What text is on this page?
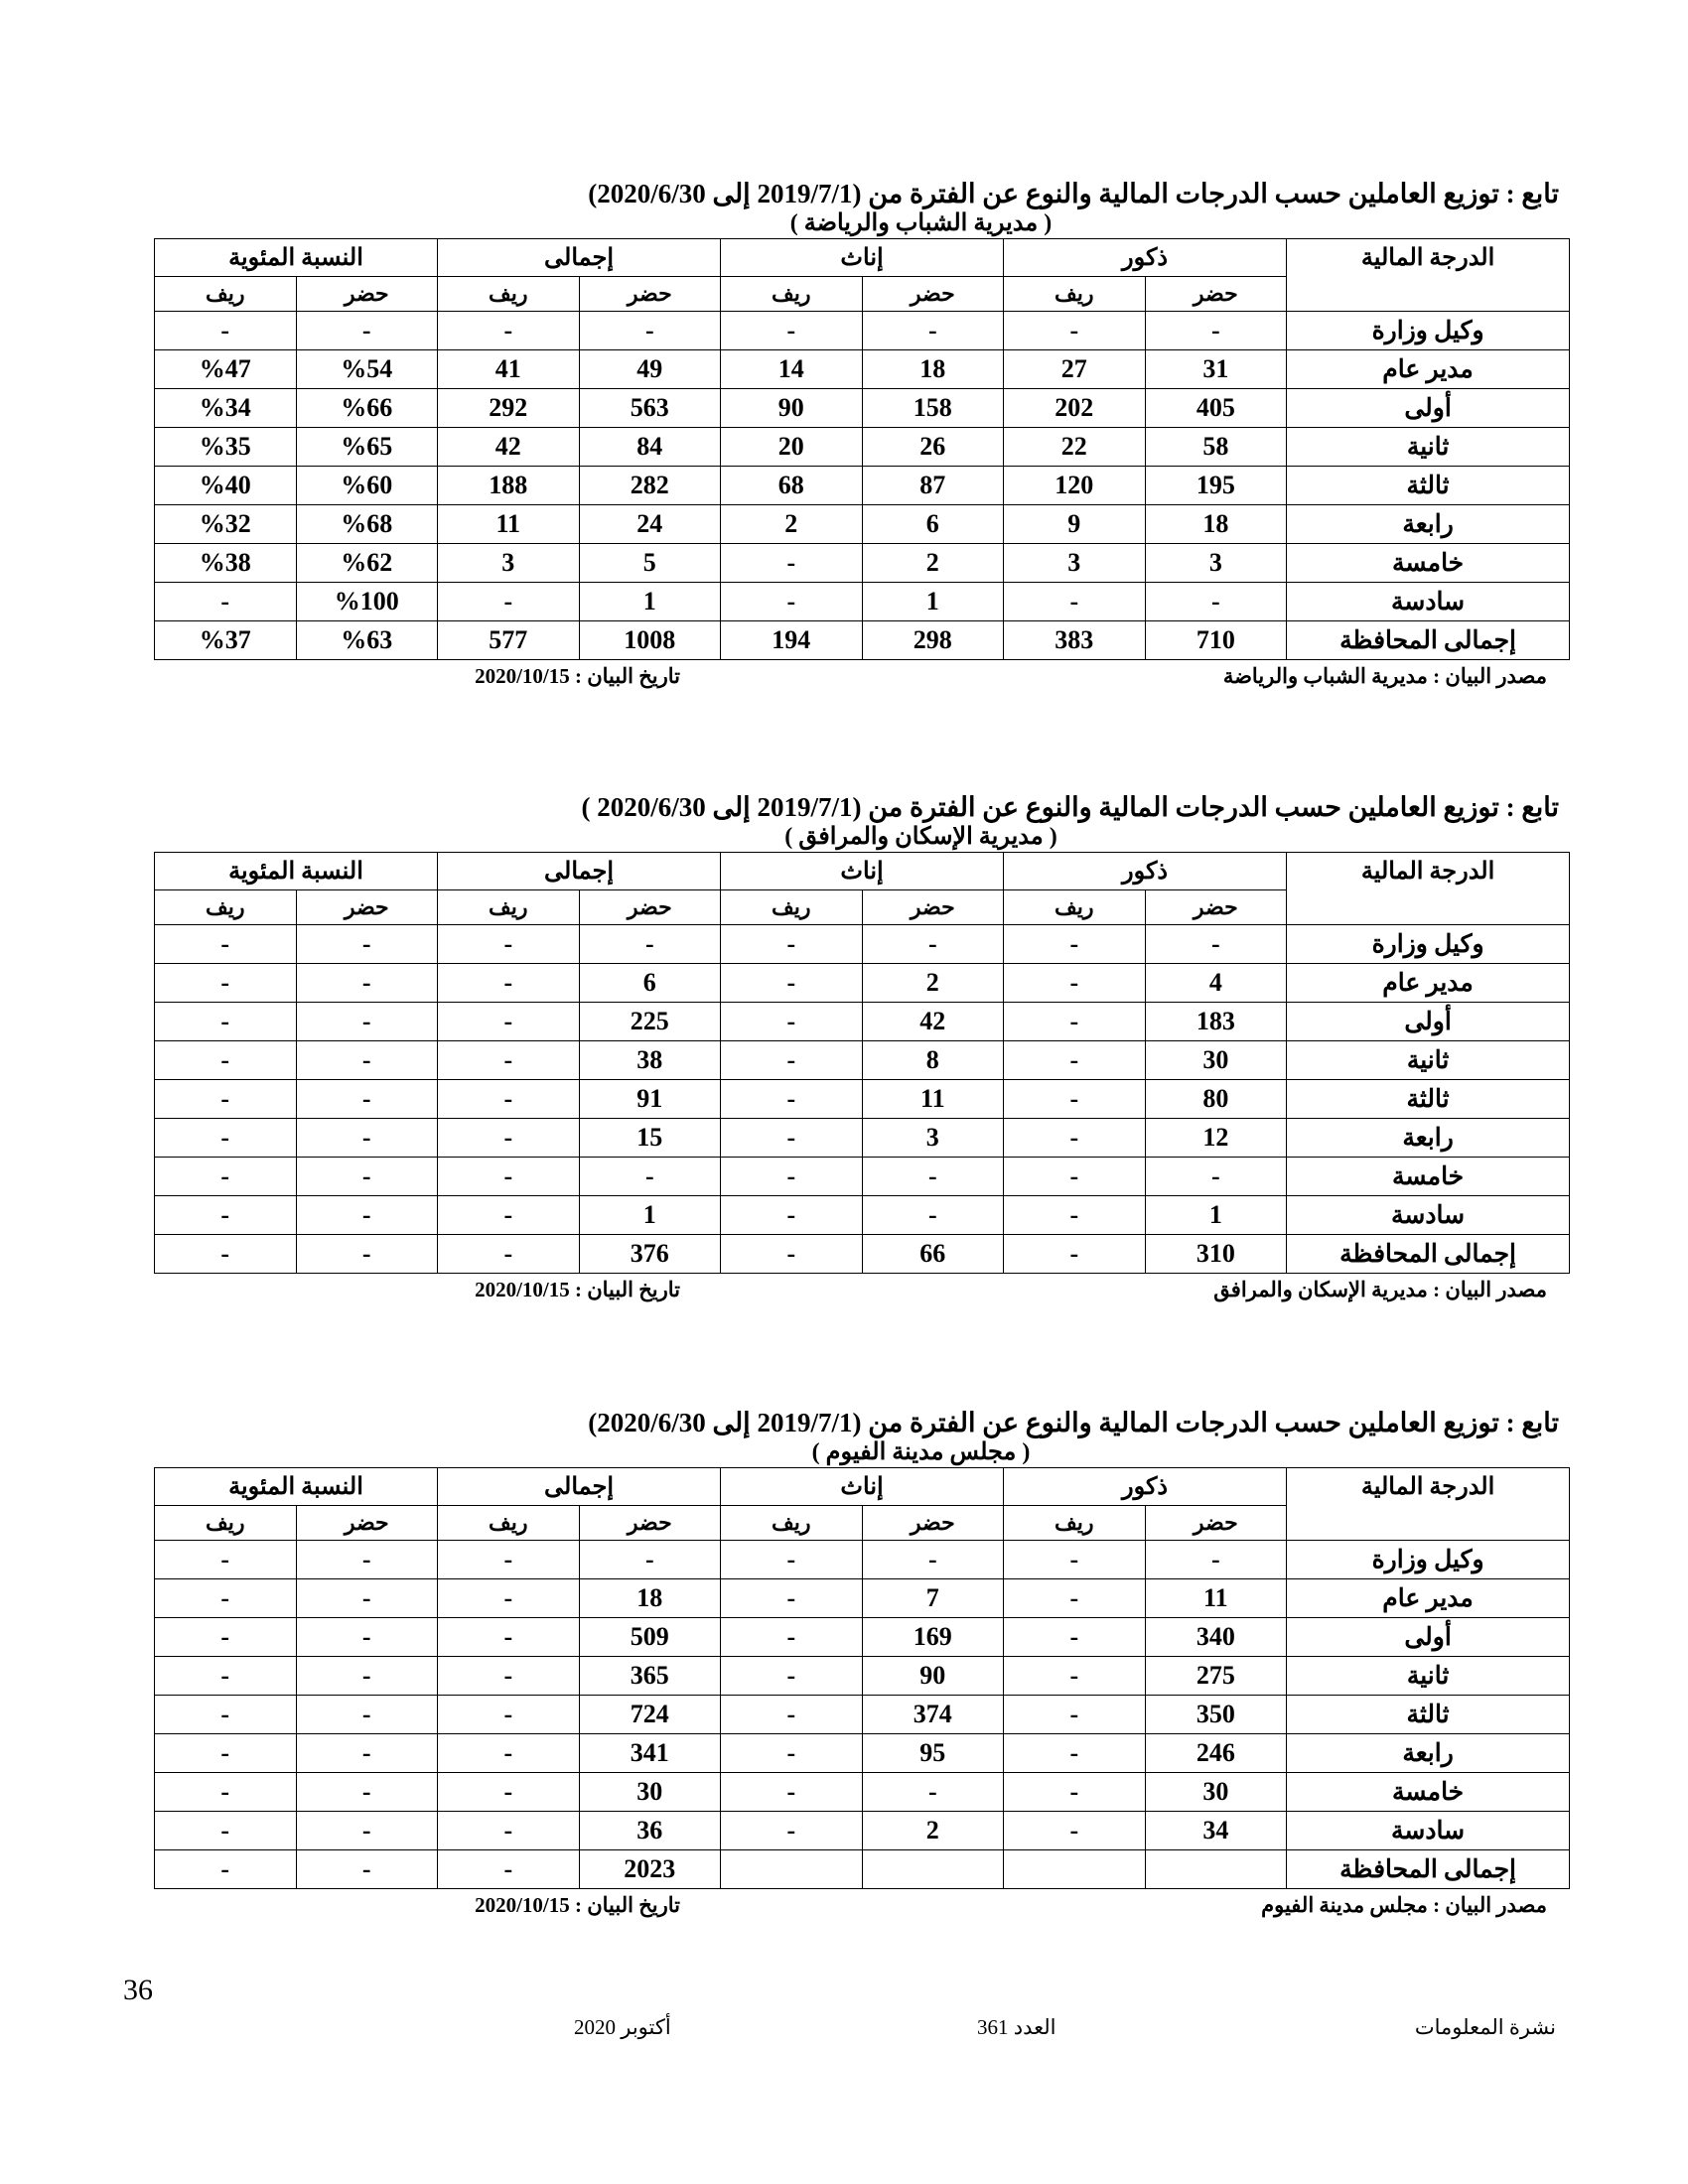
تابع : توزيع العاملين حسب الدرجات المالية والنوع عن الفترة من (2019/7/1 إلى 2020/6/30)
( مديرية الشباب والرياضة )
الدرجة المالية	ذكور		إناث		إجمالى		النسبة المئوية	
	حضر	ريف	حضر	ريف	حضر	ريف	حضر	ريف
وكيل وزارة	-	-	-	-	-	-	-	-
مدير عام	31	27	18	14	49	41	%54	%47
أولى	405	202	158	90	563	292	%66	%34
ثانية	58	22	26	20	84	42	%65	%35
ثالثة	195	120	87	68	282	188	%60	%40
رابعة	18	9	6	2	24	11	%68	%32
خامسة	3	3	2	-	5	3	%62	%38
سادسة	-	-	1	-	1	-	%100	-
إجمالى المحافظة	710	383	298	194	1008	577	%63	%37
مصدر البيان : مديرية الشباب والرياضة
تاريخ البيان : 2020/10/15
تابع : توزيع العاملين حسب الدرجات المالية والنوع عن الفترة من (2019/7/1 إلى 2020/6/30 )
( مديرية الإسكان والمرافق )
الدرجة المالية	ذكور		إناث		إجمالى		النسبة المئوية	
	حضر	ريف	حضر	ريف	حضر	ريف	حضر	ريف
وكيل وزارة	-	-	-	-	-	-	-	-
مدير عام	4	-	2	-	6	-	-	-
أولى	183	-	42	-	225	-	-	-
ثانية	30	-	8	-	38	-	-	-
ثالثة	80	-	11	-	91	-	-	-
رابعة	12	-	3	-	15	-	-	-
خامسة	-	-	-	-	-	-	-	-
سادسة	1	-	-	-	1	-	-	-
إجمالى المحافظة	310	-	66	-	376	-	-	-
مصدر البيان : مديرية الإسكان والمرافق
تاريخ البيان : 2020/10/15
تابع : توزيع العاملين حسب الدرجات المالية والنوع عن الفترة من (2019/7/1 إلى 2020/6/30)
( مجلس مدينة الفيوم )
الدرجة المالية	ذكور		إناث		إجمالى		النسبة المئوية	
	حضر	ريف	حضر	ريف	حضر	ريف	حضر	ريف
وكيل وزارة	-	-	-	-	-	-	-	-
مدير عام	11	-	7	-	18	-	-	-
أولى	340	-	169	-	509	-	-	-
ثانية	275	-	90	-	365	-	-	-
ثالثة	350	-	374	-	724	-	-	-
رابعة	246	-	95	-	341	-	-	-
خامسة	30	-	-	-	30	-	-	-
سادسة	34	-	2	-	36	-	-	-
إجمالى المحافظة					2023	-	-	-
مصدر البيان : مجلس مدينة الفيوم
تاريخ البيان : 2020/10/15
36
نشرة المعلومات
العدد 361
أكتوبر 2020
